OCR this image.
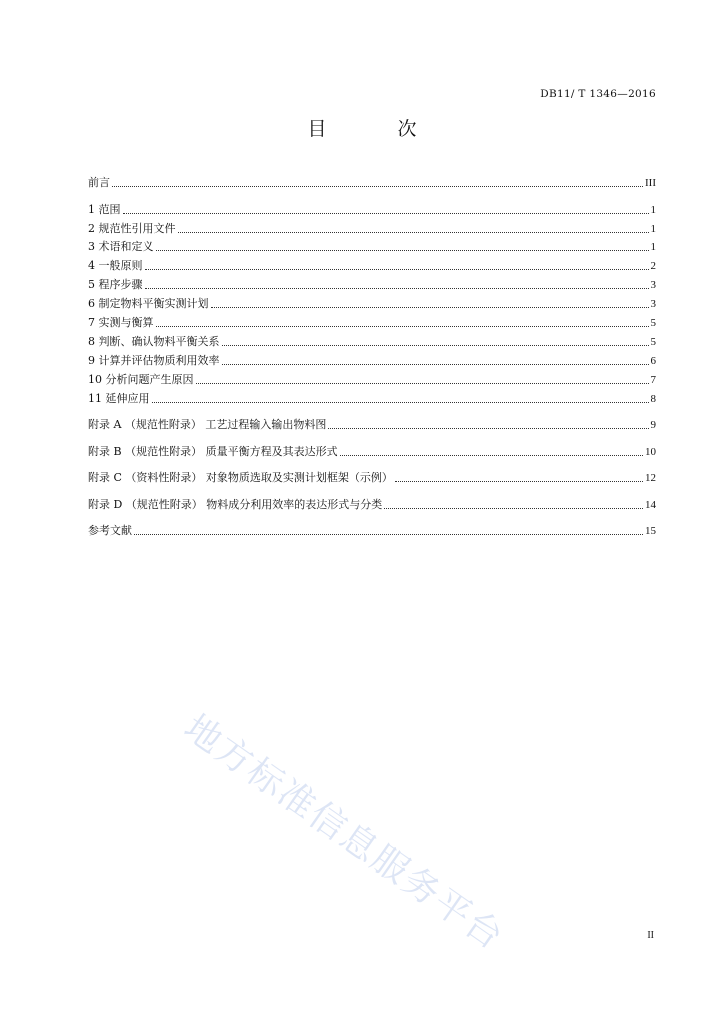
DB11/ T 1346—2016
目　次
前言	III
1 范围	1
2 规范性引用文件	1
3 术语和定义	1
4 一般原则	2
5 程序步骤	3
6 制定物料平衡实测计划	3
7 实测与衡算	5
8 判断、确认物料平衡关系	5
9 计算并评估物质利用效率	6
10 分析问题产生原因	7
11 延伸应用	8
附录 A （规范性附录） 工艺过程输入输出物料图	9
附录 B （规范性附录） 质量平衡方程及其表达形式	10
附录 C （资料性附录） 对象物质选取及实测计划框架（示例）	12
附录 D （规范性附录） 物料成分利用效率的表达形式与分类	14
参考文献	15
地方标准信息服务平台	II
